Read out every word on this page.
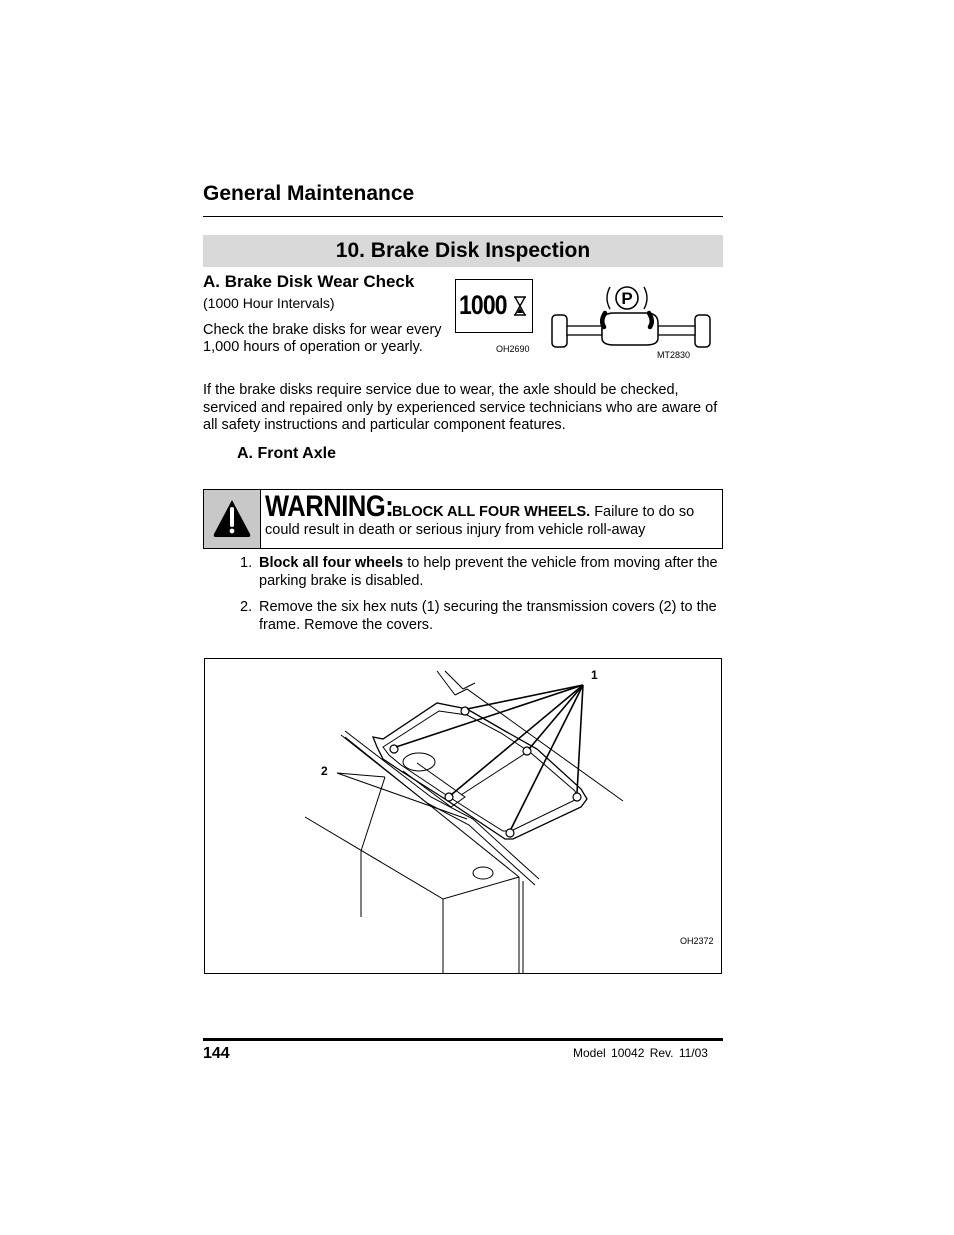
General Maintenance
10. Brake Disk Inspection
A. Brake Disk Wear Check
(1000 Hour Intervals)
Check the brake disks for wear every 1,000 hours of operation or yearly.
1000
OH2690
P
MT2830
If the brake disks require service due to wear, the axle should be checked, serviced and repaired only by experienced service technicians who are aware of all safety instructions and particular component features.
A. Front Axle
WARNING:
BLOCK ALL FOUR WHEELS. Failure to do so
could result in death or serious injury from vehicle roll-away
1. Block all four wheels to help prevent the vehicle from moving after the parking brake is disabled.
2. Remove the six hex nuts (1) securing the transmission covers (2) to the frame. Remove the covers.
1
2
OH2372
144	Model 10042 Rev. 11/03
